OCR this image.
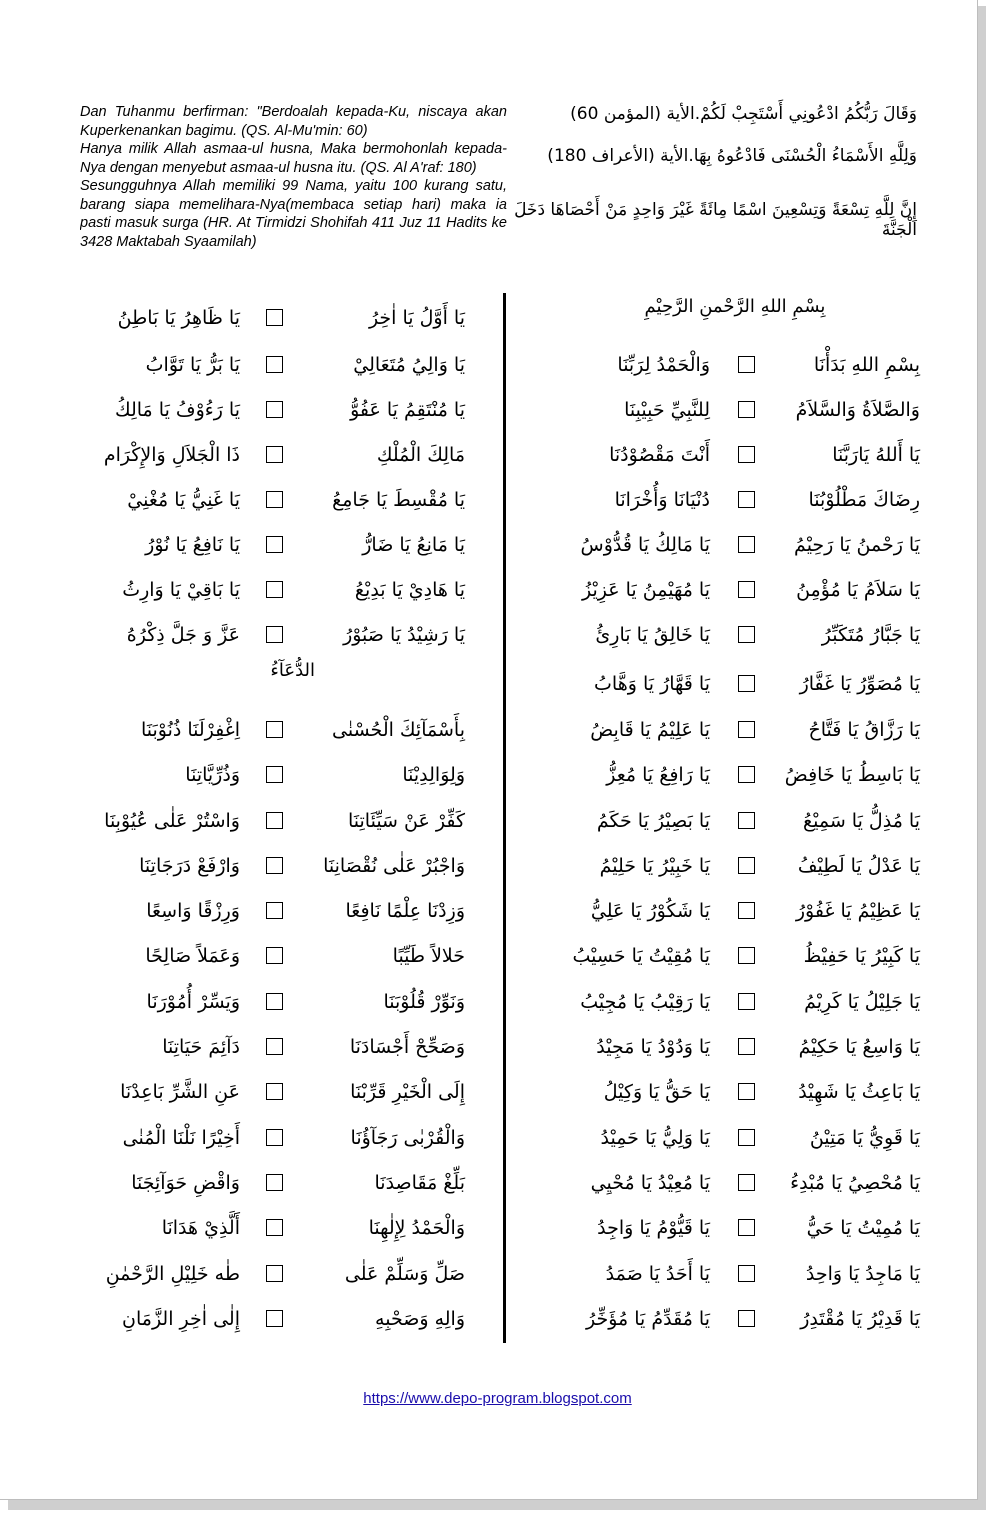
Dan Tuhanmu berfirman: "Berdoalah kepada-Ku, niscaya akan Kuperkenankan bagimu. (QS. Al-Mu'min: 60)

Hanya milik Allah asmaa-ul husna, Maka bermohonlah kepada-Nya dengan menyebut asmaa-ul husna itu. (QS. Al A'raf: 180)

Sesungguhnya Allah memiliki 99 Nama, yaitu 100 kurang satu, barang siapa memelihara-Nya(membaca setiap hari) maka ia pasti masuk surga (HR. At Tirmidzi Shohifah 411 Juz 11 Hadits ke 3428 Maktabah Syaamilah)

وَقَالَ رَبُّكُمُ ادْعُونِي أَسْتَجِبْ لَكُمْ.الأية (المؤمن 60)
وَلِلَّهِ الأَسْمَاءُ الْحُسْنَى فَادْعُوهُ بِهَا.الأية (الأعراف 180)
إِنَّ لِلَّهِ تِسْعَةً وَتِسْعِينَ اسْمًا مِائَةً غَيْرَ وَاحِدٍ مَنْ أَحْصَاهَا دَخَلَ الْجَنَّةَ
بِسْمِ اللهِ الرَّحْمنِ الرَّحِيْمِ
بِسْمِ اللهِ بَدَأْنَا
وَالْحَمْدُ لِرَبِّنَا
وَالصَّلاَةُ وَالسَّلاَمُ
لِلنَّبِيِّ حَبِيْبِنَا
يَا أَللهُ يَارَبَّنَا
أَنْتَ مَقْصُوْدُنَا
رِضَاكَ مَطْلُوْبُنَا
دُنْيَانَا وَأُخْرَانَا
يَا رَحْمنُ يَا رَحِيْمُ
يَا مَالِكُ يَا قُدُّوْسُ
يَا سَلاَمُ يَا مُؤْمِنُ
يَا مُهَيْمِنُ يَا عَزِيْزُ
يَا جَبَّارُ مُتَكَبِّرُ
يَا خَالِقُ يَا بَارِئُ
يَا مُصَوِّرُ يَا غَفَّارُ
يَا قَهَّارُ يَا وَهَّابُ
يَا رَزَّاقُ يَا فَتَّاحُ
يَا عَلِيْمُ يَا قَابِضُ
يَا بَاسِطُ يَا خَافِضُ
يَا رَافِعُ يَا مُعِزُّ
يَا مُذِلُّ يَا سَمِيْعُ
يَا بَصِيْرُ يَا حَكَمُ
يَا عَدْلُ يَا لَطِيْفُ
يَا خَبِيْرُ يَا حَلِيْمُ
يَا عَظِيْمُ يَا غَفُوْرُ
يَا شَكُوْرُ يَا عَلِيُّ
يَا كَبِيْرُ يَا حَفِيْظُ
يَا مُقِيْتُ يَا حَسِيْبُ
يَا جَلِيْلُ يَا كَرِيْمُ
يَا رَقِيْبُ يَا مُجِيْبُ
يَا وَاسِعُ يَا حَكِيْمُ
يَا وَدُوْدُ يَا مَجِيْدُ
يَا بَاعِثُ يَا شَهِيْدُ
يَا حَقُّ يَا وَكِيْلُ
يَا قَوِيُّ يَا مَتِيْنُ
يَا وَلِيُّ يَا حَمِيْدُ
يَا مُحْصِيُ يَا مُبْدِءُ
يَا مُعِيْدُ يَا مُحْيِي
يَا مُمِيْتُ يَا حَيُّ
يَا قَيُّوْمُ يَا وَاجِدُ
يَا مَاجِدُ يَا وَاحِدُ
يَا أَحَدُ يَا صَمَدُ
يَا قَدِيْرُ يَا مُقْتَدِرُ
يَا مُقَدِّمُ يَا مُؤَخِّرُ
يَا أَوَّلُ يَا اٰخِرُ
يَا ظَاهِرُ يَا بَاطِنُ
يَا وَالِيُ مُتَعَالِيْ
يَا بَرُّ يَا تَوَّابُ
يَا مُنْتَقِمُ يَا عَفُوُّ
يَا رَءُوْفُ يَا مَالِكُ
مَالِكَ الْمُلْكِ
ذَا الْجَلاَلِ وَالإِكْرَام
يَا مُقْسِطَ يَا جَامِعُ
يَا غَنِيُّ يَا مُغْنِيْ
يَا مَانِعُ يَا ضَارُّ
يَا نَافِعُ يَا نُوْرُ
يَا هَادِيْ يَا بَدِيْعُ
يَا بَاقِيْ يَا وَارِثُ
يَا رَشِيْدُ يَا صَبُوْرُ
عَزَّ وَ جَلَّ ذِكْرُهُ
بِأَسْمَآئِكَ الْحُسْنٰى
اِغْفِرْلَنَا ذُنُوْبَنَا
وَلِوَالِدِيْنَا
وَذُرِّيَّاتِنَا
كَفِّرْ عَنْ سَيِّئَاتِنَا
وَاسْتُرْ عَلٰى عُيُوْبِنَا
وَاجْبُرْ عَلٰى نُقْصَانِنَا
وَارْفَعْ دَرَجَاتِنَا
وَزِدْنَا عِلْمًا نَافِعًا
وَرِزْقًا وَاسِعًا
حَلالاً طَيِّبًا
وَعَمَلاً صَالِحًا
وَنَوِّرْ قُلُوْبَنَا
وَيَسِّرْ أُمُوْرَنَا
وَصَحِّحْ أَجْسَادَنَا
دَآئِمَ حَيَاتِنَا
إِلَى الْخَيْرِ قَرِّبْنَا
عَنِ الشَّرِّ بَاعِدْنَا
وَالْقُرْبٰى رَجَآؤُنَا
أَخِيْرًا نَلْنَا الْمُنٰى
بَلِّغْ مَقَاصِدَنَا
وَاقْضِ حَوَآئِجَنَا
وَالْحَمْدُ لِإِلٰهِنَا
أَلَّذِيْ هَدَانَا
صَلِّ وَسَلِّمْ عَلٰى
طٰه خَلِيْلِ الرَّحْمٰنِ
وَالِهِ وَصَحْبِهِ
إِلٰى اٰخِرِ الزَّمَانِ
الدُّعَآءُ
https://www.depo-program.blogspot.com
